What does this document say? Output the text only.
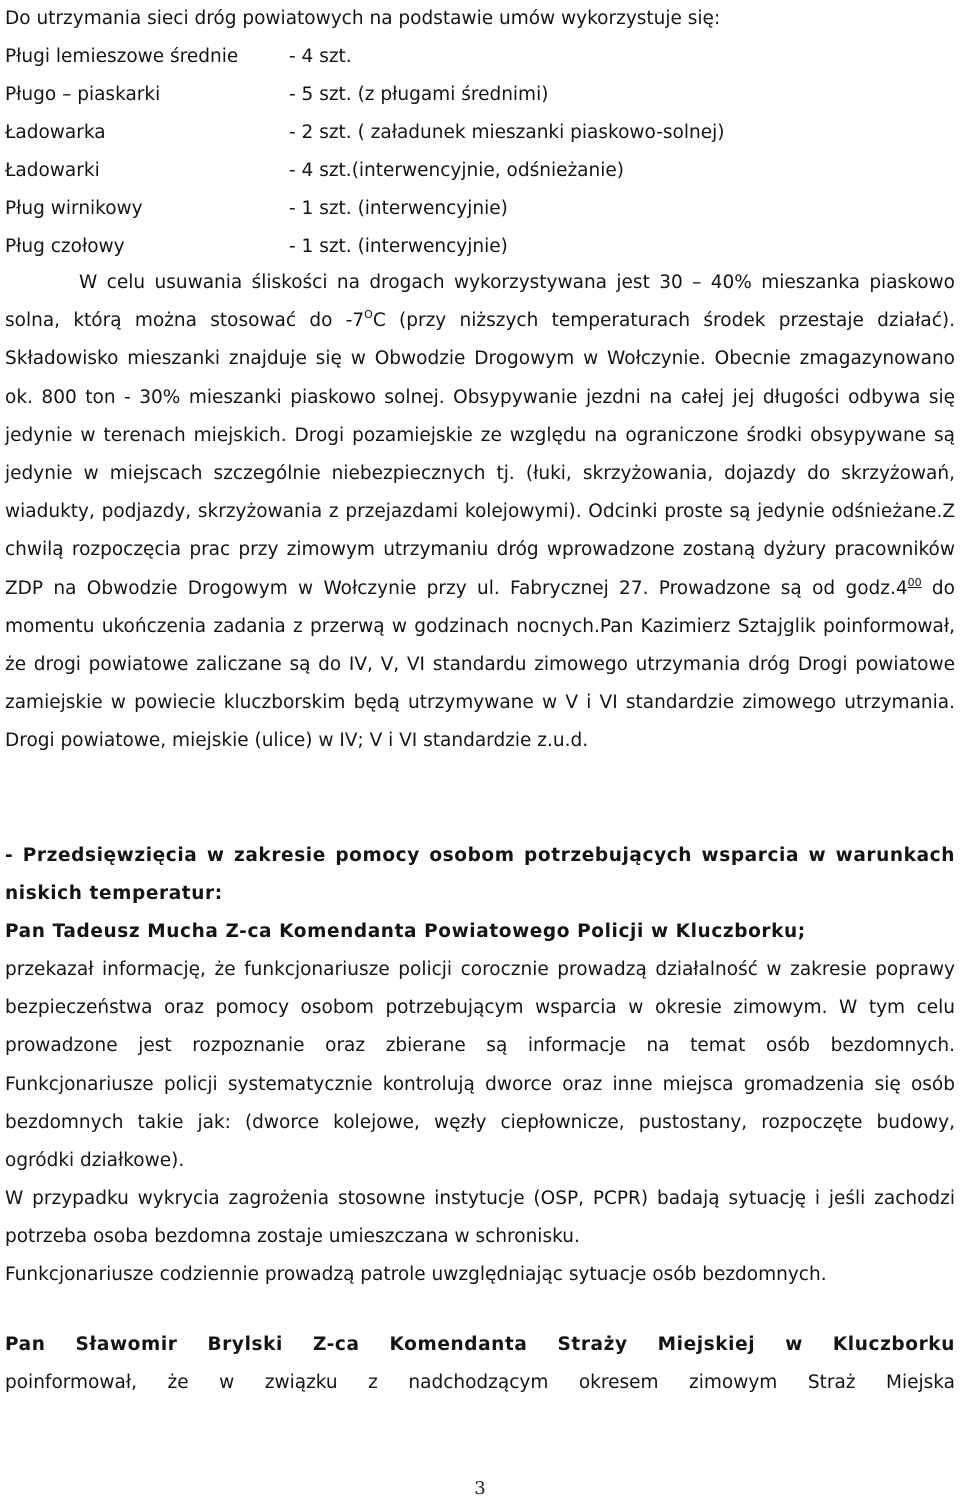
Do utrzymania sieci dróg powiatowych na podstawie umów wykorzystuje się:
Pługi lemieszowe średnie	- 4 szt.
Pługo – piaskarki	- 5 szt. (z pługami średnimi)
Ładowarka	- 2 szt. ( załadunek mieszanki piaskowo-solnej)
Ładowarki	- 4 szt.(interwencyjnie, odśnieżanie)
Pług wirnikowy	- 1 szt. (interwencyjnie)
Pług czołowy	- 1 szt. (interwencyjnie)

W celu usuwania śliskości na drogach wykorzystywana jest 30 – 40% mieszanka piaskowo solna, którą można stosować do $-7^OC$ (przy niższych temperaturach środek przestaje działać). Składowisko mieszanki znajduje się w Obwodzie Drogowym w Wołczynie. Obecnie zmagazynowano ok. 800 ton - 30% mieszanki piaskowo solnej. Obsypywanie jezdni na całej jej długości odbywa się jedynie w terenach miejskich. Drogi pozamiejskie ze względu na ograniczone środki obsypywane są jedynie w miejscach szczególnie niebezpiecznych tj. (łuki, skrzyżowania, dojazdy do skrzyżowań, wiadukty, podjazdy, skrzyżowania z przejazdami kolejowymi). Odcinki proste są jedynie odśnieżane.Z chwilą rozpoczęcia prac przy zimowym utrzymaniu dróg wprowadzone zostaną dyżury pracowników ZDP na Obwodzie Drogowym w Wołczynie przy ul. Fabrycznej 27. Prowadzone są od $godz.4^{00}$ do momentu ukończenia zadania z przerwą w godzinach nocnych.Pan Kazimierz Sztajglik poinformował, że drogi powiatowe zaliczane są do IV, V, VI standardu zimowego utrzymania dróg Drogi powiatowe zamiejskie w powiecie kluczborskim będą utrzymywane w V i VI standardzie zimowego utrzymania. Drogi powiatowe, miejskie (ulice) w IV; V i VI standardzie z.u.d.

- Przedsięwzięcia w zakresie pomocy osobom potrzebujących wsparcia w warunkach niskich temperatur:

Pan Tadeusz Mucha Z-ca Komendanta Powiatowego Policji w Kluczborku;

przekazał informację, że funkcjonariusze policji corocznie prowadzą działalność w zakresie poprawy bezpieczeństwa oraz pomocy osobom potrzebującym wsparcia w okresie zimowym. W tym celu prowadzone jest rozpoznanie oraz zbierane są informacje na temat osób bezdomnych. Funkcjonariusze policji systematycznie kontrolują dworce oraz inne miejsca gromadzenia się osób bezdomnych takie jak: (dworce kolejowe, węzły ciepłownicze, pustostany, rozpoczęte budowy, ogródki działkowe).

W przypadku wykrycia zagrożenia stosowne instytucje (OSP, PCPR) badają sytuację i jeśli zachodzi potrzeba osoba bezdomna zostaje umieszczana w schronisku.

Funkcjonariusze codziennie prowadzą patrole uwzględniając sytuacje osób bezdomnych.

Pan Sławomir Brylski Z-ca Komendanta Straży Miejskiej w Kluczborku

poinformował, że w związku z nadchodzącym okresem zimowym Straż Miejska

3
